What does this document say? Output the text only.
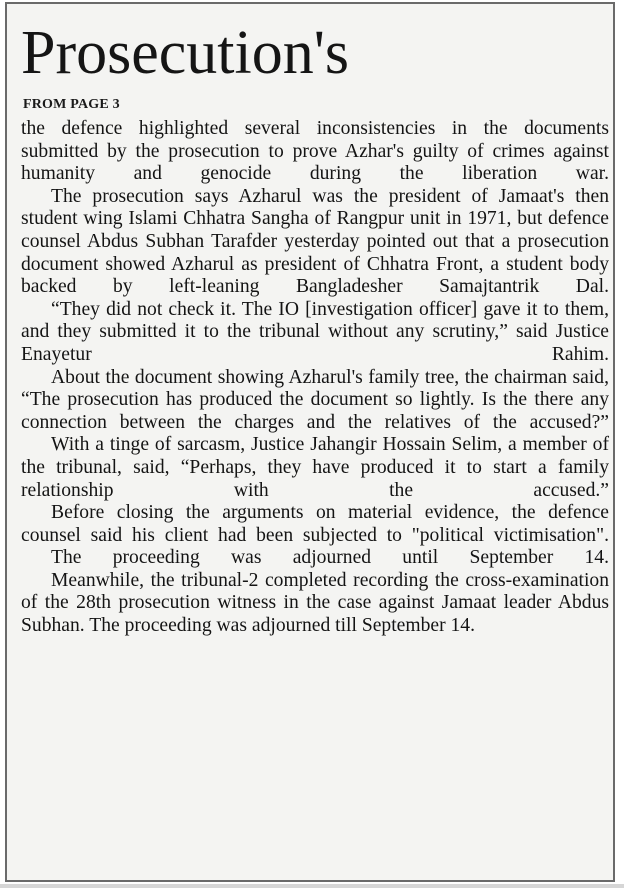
Prosecution's
FROM PAGE 3

the defence highlighted several inconsistencies in the documents submitted by the prosecution to prove Azhar's guilty of crimes against humanity and genocide during the liberation war.

The prosecution says Azharul was the president of Jamaat's then student wing Islami Chhatra Sangha of Rangpur unit in 1971, but defence counsel Abdus Subhan Tarafder yesterday pointed out that a prosecution document showed Azharul as president of Chhatra Front, a student body backed by left-leaning Bangladesher Samajtantrik Dal.

“They did not check it. The IO [investigation officer] gave it to them, and they submitted it to the tribunal without any scrutiny,” said Justice Enayetur Rahim.

About the document showing Azharul's family tree, the chairman said, “The prosecution has produced the document so lightly. Is the there any connection between the charges and the relatives of the accused?”

With a tinge of sarcasm, Justice Jahangir Hossain Selim, a member of the tribunal, said, “Perhaps, they have produced it to start a family relationship with the accused.”

Before closing the arguments on material evidence, the defence counsel said his client had been subjected to "political victimisation".

The proceeding was adjourned until September 14.

Meanwhile, the tribunal-2 completed recording the cross-examination of the 28th prosecution witness in the case against Jamaat leader Abdus Subhan. The proceeding was adjourned till September 14.
